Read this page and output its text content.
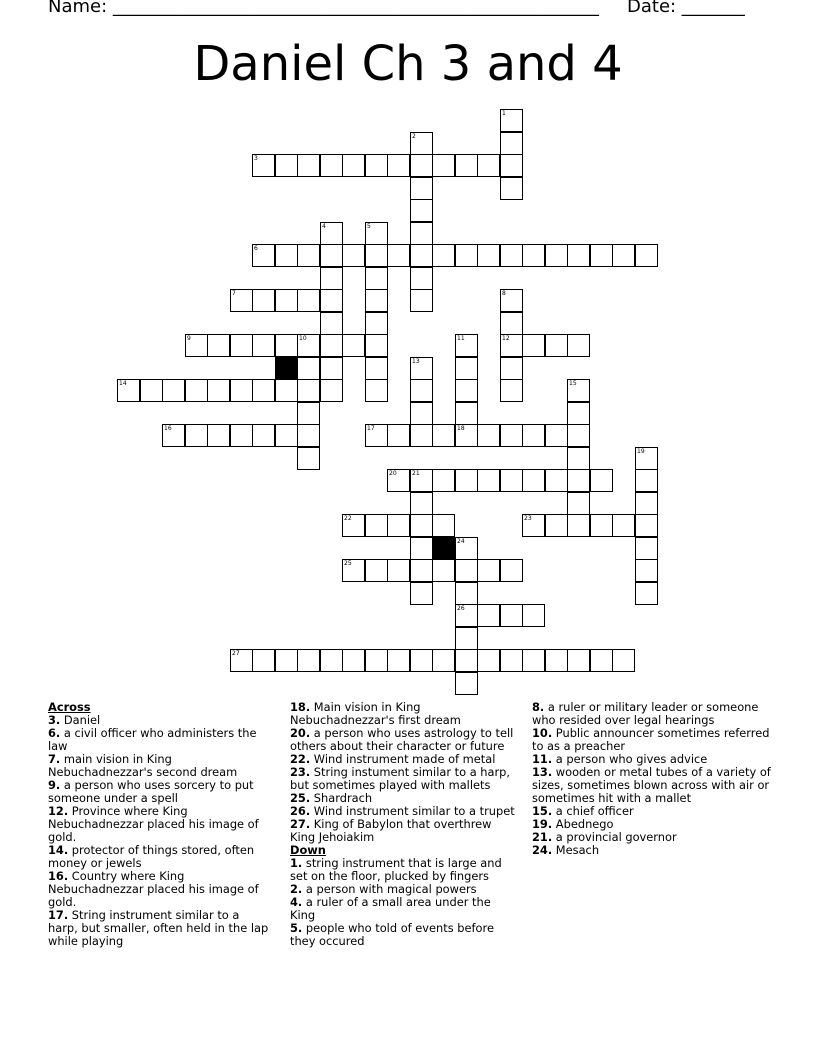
Name: ______________________________________________________ Date: _______
Daniel Ch 3 and 4
1
2
3
4	5
6
7	8
12
9	10	11
18
13
14	15
16	17
19
20	21
22	23
24
26
25
27
Across

3. Daniel

6. a civil officer who administers the law

7. main vision in King Nebuchadnezzar's second dream

9. a person who uses sorcery to put someone under a spell

12. Province where King Nebuchadnezzar placed his image of gold.

14. protector of things stored, often money or jewels

16. Country where King Nebuchadnezzar placed his image of gold.

17. String instrument similar to a harp, but smaller, often held in the lap while playing

18. Main vision in King Nebuchadnezzar's first dream

20. a person who uses astrology to tell others about their character or future

22. Wind instrument made of metal

23. String instument similar to a harp, but sometimes played with mallets

25. Shardrach

26. Wind instrument similar to a trupet

27. King of Babylon that overthrew King Jehoiakim

Down

1. string instrument that is large and set on the floor, plucked by fingers

2. a person with magical powers

4. a ruler of a small area under the King

5. people who told of events before they occured

8. a ruler or military leader or someone who resided over legal hearings

10. Public announcer sometimes referred to as a preacher

11. a person who gives advice

13. wooden or metal tubes of a variety of sizes, sometimes blown across with air or sometimes hit with a mallet

15. a chief officer

19. Abednego

21. a provincial governor

24. Mesach
